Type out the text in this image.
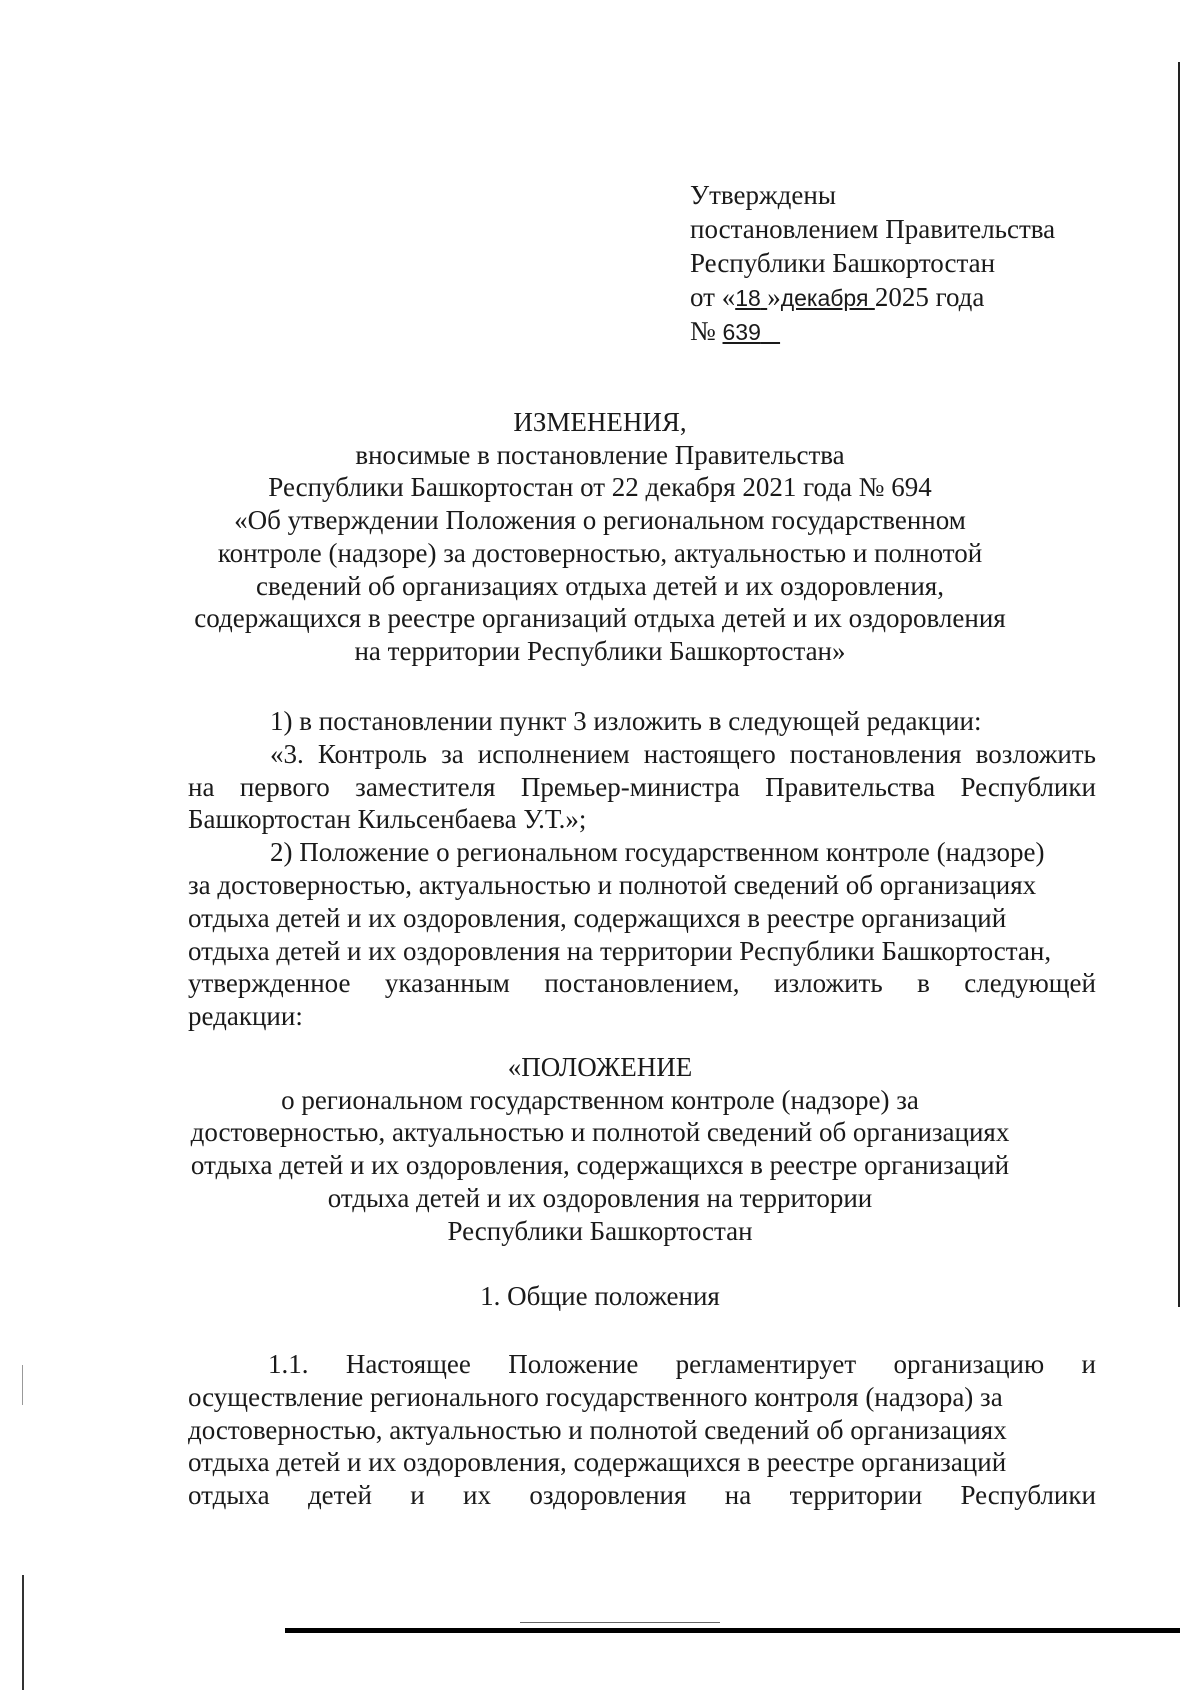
Утверждены
постановлением Правительства
Республики Башкортостан
от «18 »декабря 2025 года
№ 639
ИЗМЕНЕНИЯ,
вносимые в постановление Правительства
Республики Башкортостан от 22 декабря 2021 года № 694
«Об утверждении Положения о региональном государственном
контроле (надзоре) за достоверностью, актуальностью и полнотой
сведений об организациях отдыха детей и их оздоровления,
содержащихся в реестре организаций отдыха детей и их оздоровления
на территории Республики Башкортостан»
1) в постановлении пункт 3 изложить в следующей редакции:
«3. Контроль за исполнением настоящего постановления возложить
на первого заместителя Премьер-министра Правительства Республики
Башкортостан Кильсенбаева У.Т.»;
2) Положение о региональном государственном контроле (надзоре)
за достоверностью, актуальностью и полнотой сведений об организациях
отдыха детей и их оздоровления, содержащихся в реестре организаций
отдыха детей и их оздоровления на территории Республики Башкортостан,
утвержденное указанным постановлением, изложить в следующей
редакции:
«ПОЛОЖЕНИЕ
о региональном государственном контроле (надзоре) за
достоверностью, актуальностью и полнотой сведений об организациях
отдыха детей и их оздоровления, содержащихся в реестре организаций
отдыха детей и их оздоровления на территории
Республики Башкортостан
1. Общие положения
1.1. Настоящее Положение регламентирует организацию и
осуществление регионального государственного контроля (надзора) за
достоверностью, актуальностью и полнотой сведений об организациях
отдыха детей и их оздоровления, содержащихся в реестре организаций
отдыха детей и их оздоровления на территории Республики
